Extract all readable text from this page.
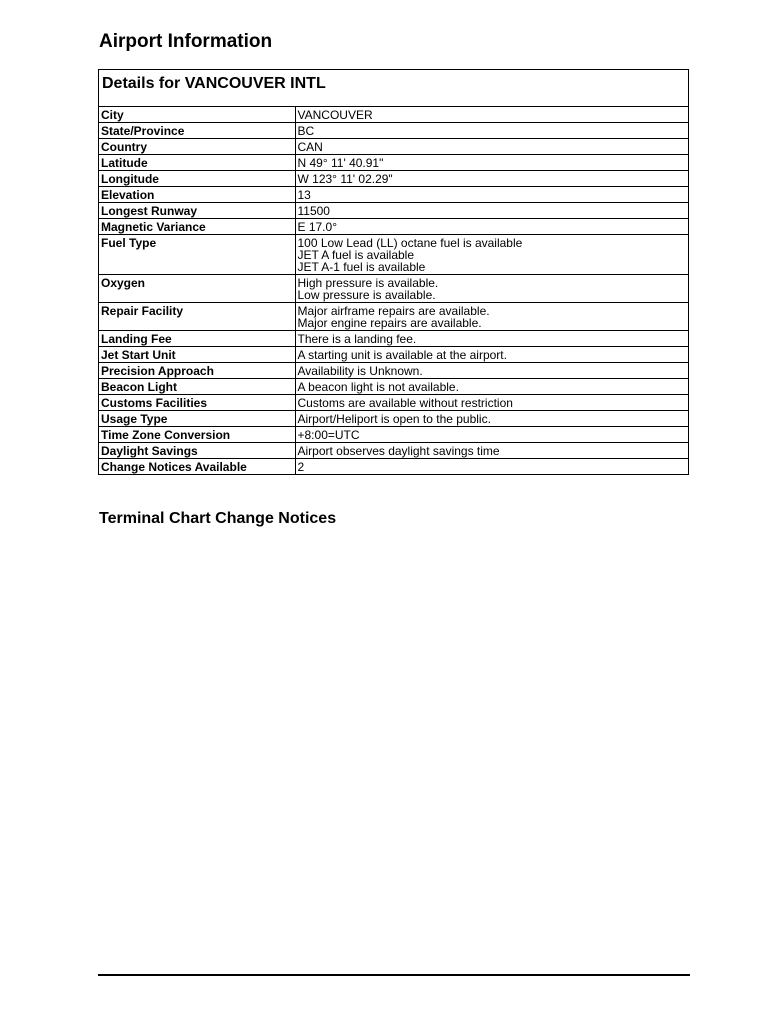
Airport Information
Details for VANCOUVER INTL
City	VANCOUVER

State/Province	BC

Country	CAN

Latitude	N 49° 11' 40.91"

Longitude	W 123° 11' 02.29"

Elevation	13

Longest Runway	11500

Magnetic Variance	E 17.0°

Fuel Type	100 Low Lead (LL) octane fuel is available
JET A fuel is available
JET A-1 fuel is available

Oxygen	High pressure is available.
Low pressure is available.

Repair Facility	Major airframe repairs are available.
Major engine repairs are available.

Landing Fee	There is a landing fee.

Jet Start Unit	A starting unit is available at the airport.

Precision Approach	Availability is Unknown.

Beacon Light	A beacon light is not available.

Customs Facilities	Customs are available without restriction

Usage Type	Airport/Heliport is open to the public.

Time Zone Conversion	+8:00=UTC

Daylight Savings	Airport observes daylight savings time

Change Notices Available	2
Terminal Chart Change Notices
